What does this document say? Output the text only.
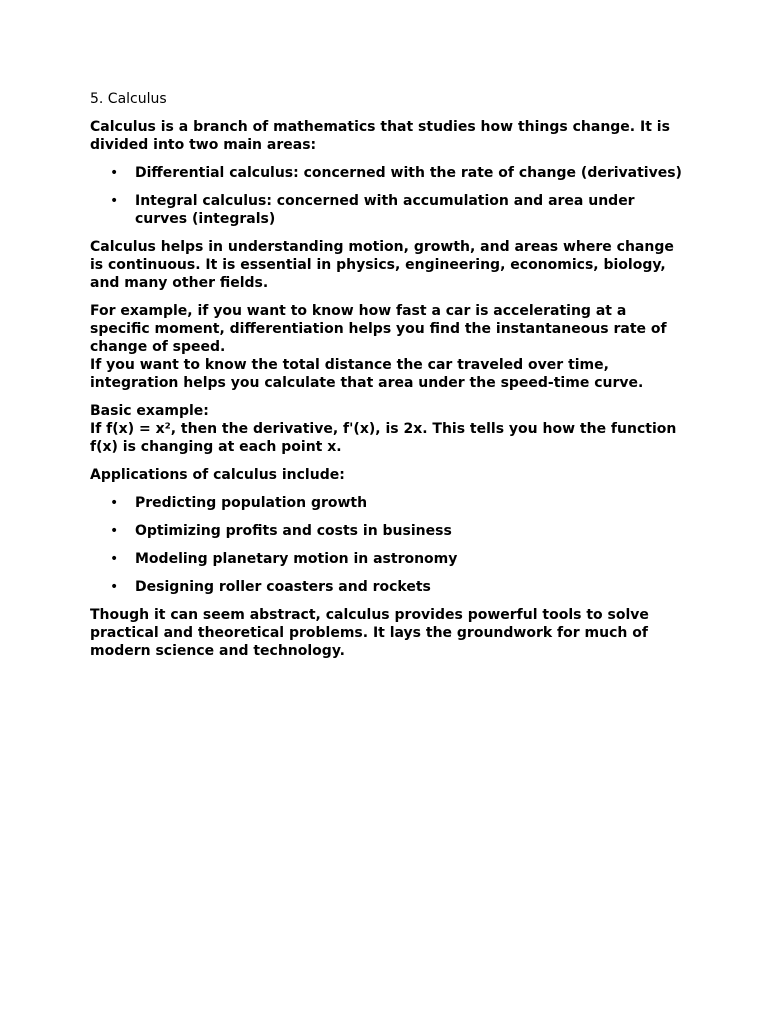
5. Calculus

Calculus is a branch of mathematics that studies how things change. It is divided into two main areas:

• Differential calculus: concerned with the rate of change (derivatives)
• Integral calculus: concerned with accumulation and area under curves (integrals)

Calculus helps in understanding motion, growth, and areas where change is continuous. It is essential in physics, engineering, economics, biology, and many other fields.

For example, if you want to know how fast a car is accelerating at a specific moment, differentiation helps you find the instantaneous rate of change of speed.
If you want to know the total distance the car traveled over time, integration helps you calculate that area under the speed-time curve.

Basic example:
If f(x) = x², then the derivative, f'(x), is 2x. This tells you how the function f(x) is changing at each point x.

Applications of calculus include:

• Predicting population growth
• Optimizing profits and costs in business
• Modeling planetary motion in astronomy
• Designing roller coasters and rockets

Though it can seem abstract, calculus provides powerful tools to solve practical and theoretical problems. It lays the groundwork for much of modern science and technology.
